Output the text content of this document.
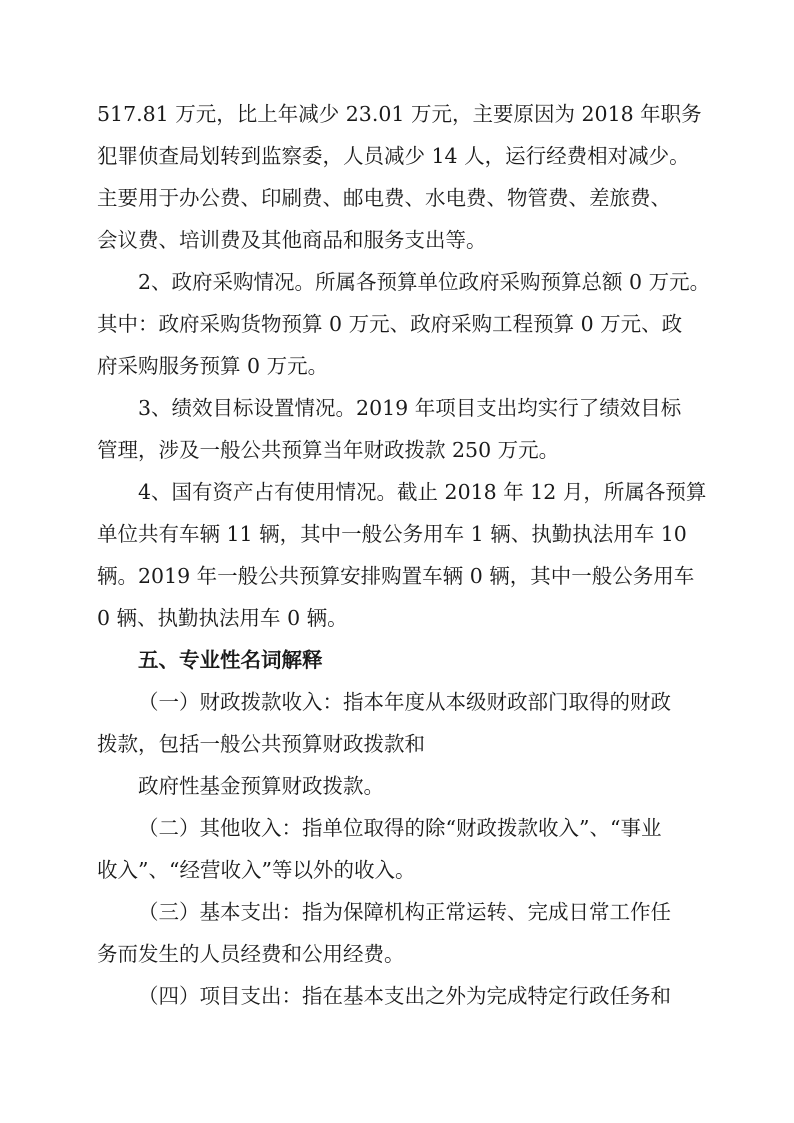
517.81 万元，比上年减少 23.01 万元，主要原因为 2018 年职务
犯罪侦查局划转到监察委，人员减少 14 人，运行经费相对减少。
主要用于办公费、印刷费、邮电费、水电费、物管费、差旅费、
会议费、培训费及其他商品和服务支出等。
2、政府采购情况。所属各预算单位政府采购预算总额 0 万元。
其中：政府采购货物预算 0 万元、政府采购工程预算 0 万元、政
府采购服务预算 0 万元。
3、绩效目标设置情况。2019 年项目支出均实行了绩效目标
管理，涉及一般公共预算当年财政拨款 250 万元。
4、国有资产占有使用情况。截止 2018 年 12 月，所属各预算
单位共有车辆 11 辆，其中一般公务用车 1 辆、执勤执法用车 10
辆。2019 年一般公共预算安排购置车辆 0 辆，其中一般公务用车
0 辆、执勤执法用车 0 辆。
五、专业性名词解释
（一）财政拨款收入：指本年度从本级财政部门取得的财政
拨款，包括一般公共预算财政拨款和
政府性基金预算财政拨款。
（二）其他收入：指单位取得的除“财政拨款收入”、“事业
收入”、“经营收入”等以外的收入。
（三）基本支出：指为保障机构正常运转、完成日常工作任
务而发生的人员经费和公用经费。
（四）项目支出：指在基本支出之外为完成特定行政任务和
